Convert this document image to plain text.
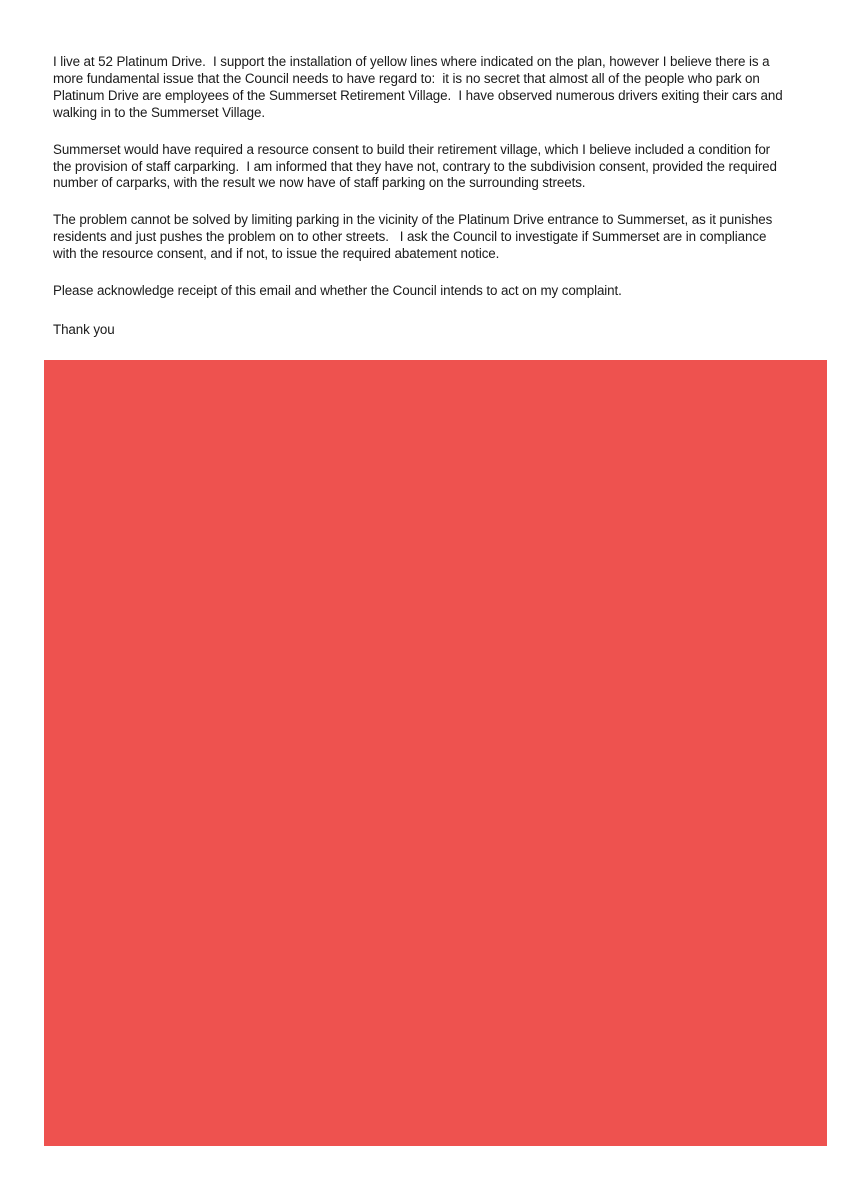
I live at 52 Platinum Drive.  I support the installation of yellow lines where indicated on the plan, however I believe there is a more fundamental issue that the Council needs to have regard to:  it is no secret that almost all of the people who park on Platinum Drive are employees of the Summerset Retirement Village.  I have observed numerous drivers exiting their cars and walking in to the Summerset Village.

Summerset would have required a resource consent to build their retirement village, which I believe included a condition for the provision of staff carparking.  I am informed that they have not, contrary to the subdivision consent, provided the required number of carparks, with the result we now have of staff parking on the surrounding streets.

The problem cannot be solved by limiting parking in the vicinity of the Platinum Drive entrance to Summerset, as it punishes residents and just pushes the problem on to other streets.   I ask the Council to investigate if Summerset are in compliance with the resource consent, and if not, to issue the required abatement notice.

Please acknowledge receipt of this email and whether the Council intends to act on my complaint.

Thank you
